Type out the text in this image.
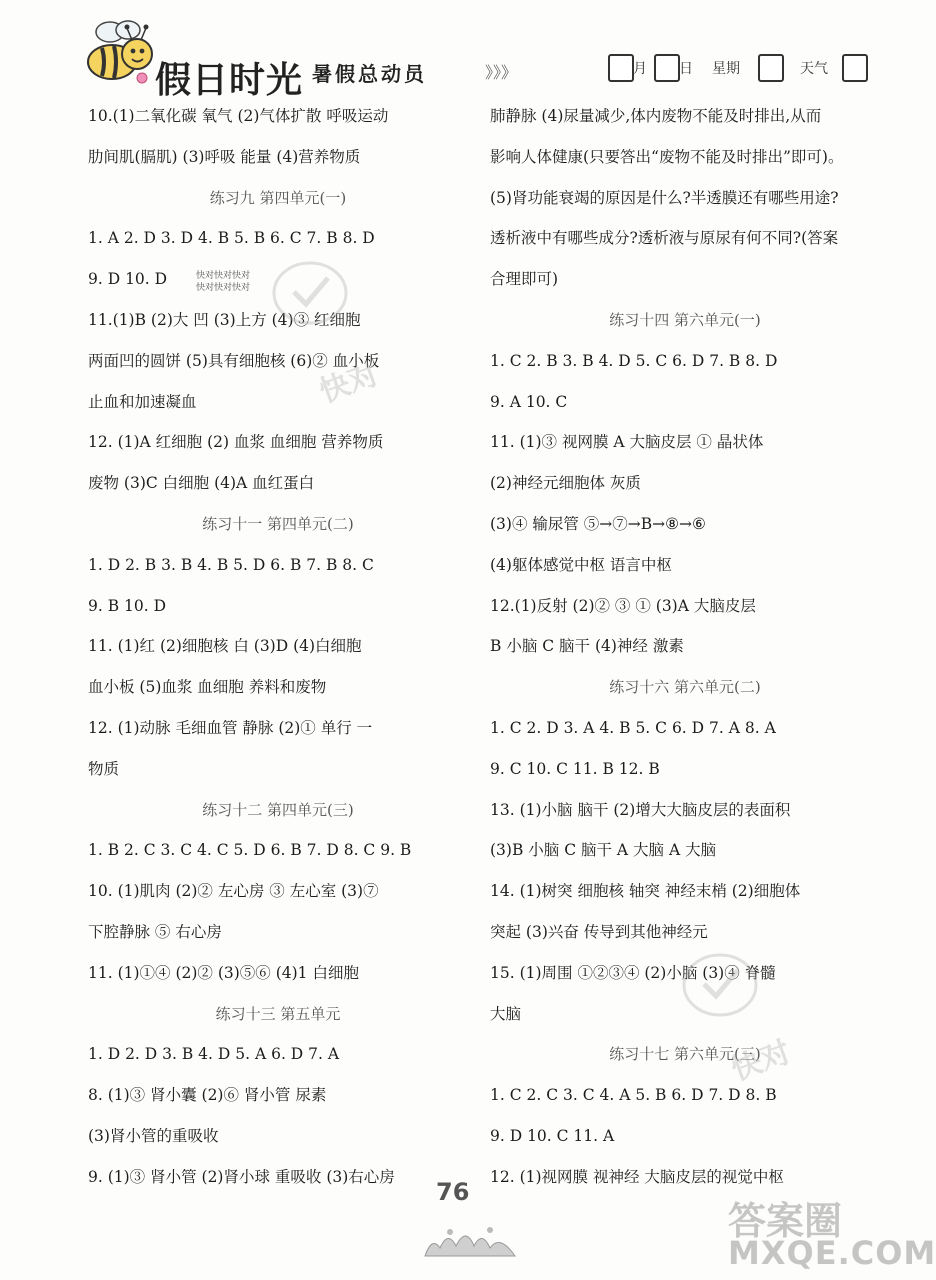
假日时光 暑假总动员	》》》	月 日 星期	天气
10.(1)二氧化碳 氧气 (2)气体扩散 呼吸运动
肋间肌(膈肌) (3)呼吸 能量 (4)营养物质
练习九 第四单元(一)
1. A 2. D 3. D 4. B 5. B 6. C 7. B 8. D
9. D 10. D
11.(1)B (2)大 凹 (3)上方 (4)③ 红细胞
两面凹的圆饼 (5)具有细胞核 (6)② 血小板
止血和加速凝血
12. (1)A 红细胞 (2) 血浆 血细胞 营养物质
废物 (3)C 白细胞 (4)A 血红蛋白
练习十一 第四单元(二)
1. D 2. B 3. B 4. B 5. D 6. B 7. B 8. C
9. B 10. D
11. (1)红 (2)细胞核 白 (3)D (4)白细胞
血小板 (5)血浆 血细胞 养料和废物
12. (1)动脉 毛细血管 静脉 (2)① 单行 一
物质
练习十二 第四单元(三)
1. B 2. C 3. C 4. C 5. D 6. B 7. D 8. C 9. B
10. (1)肌肉 (2)② 左心房 ③ 左心室 (3)⑦
下腔静脉 ⑤ 右心房
11. (1)①④ (2)② (3)⑤⑥ (4)1 白细胞
练习十三 第五单元
1. D 2. D 3. B 4. D 5. A 6. D 7. A
8. (1)③ 肾小囊 (2)⑥ 肾小管 尿素
(3)肾小管的重吸收
9. (1)③ 肾小管 (2)肾小球 重吸收 (3)右心房
肺静脉 (4)尿量减少,体内废物不能及时排出,从而
影响人体健康(只要答出“废物不能及时排出”即可)。
(5)肾功能衰竭的原因是什么?半透膜还有哪些用途?
透析液中有哪些成分?透析液与原尿有何不同?(答案
合理即可)
练习十四 第六单元(一)
1. C 2. B 3. B 4. D 5. C 6. D 7. B 8. D
9. A 10. C
11. (1)③ 视网膜 A 大脑皮层 ① 晶状体
(2)神经元细胞体 灰质
(3)④ 输尿管 ⑤→⑦→B→⑧→⑥
(4)躯体感觉中枢 语言中枢
12.(1)反射 (2)② ③ ① (3)A 大脑皮层
B 小脑 C 脑干 (4)神经 激素
练习十六 第六单元(二)
1. C 2. D 3. A 4. B 5. C 6. D 7. A 8. A
9. C 10. C 11. B 12. B
13. (1)小脑 脑干 (2)增大大脑皮层的表面积
(3)B 小脑 C 脑干 A 大脑 A 大脑
14. (1)树突 细胞核 轴突 神经末梢 (2)细胞体
突起 (3)兴奋 传导到其他神经元
15. (1)周围 ①②③④ (2)小脑 (3)④ 脊髓
大脑
练习十七 第六单元(三)
1. C 2. C 3. C 4. A 5. B 6. D 7. D 8. B
9. D 10. C 11. A
12. (1)视网膜 视神经 大脑皮层的视觉中枢
快对快对快对
快对快对快对
快对
快对
76
答案圈
MXQE.COM
